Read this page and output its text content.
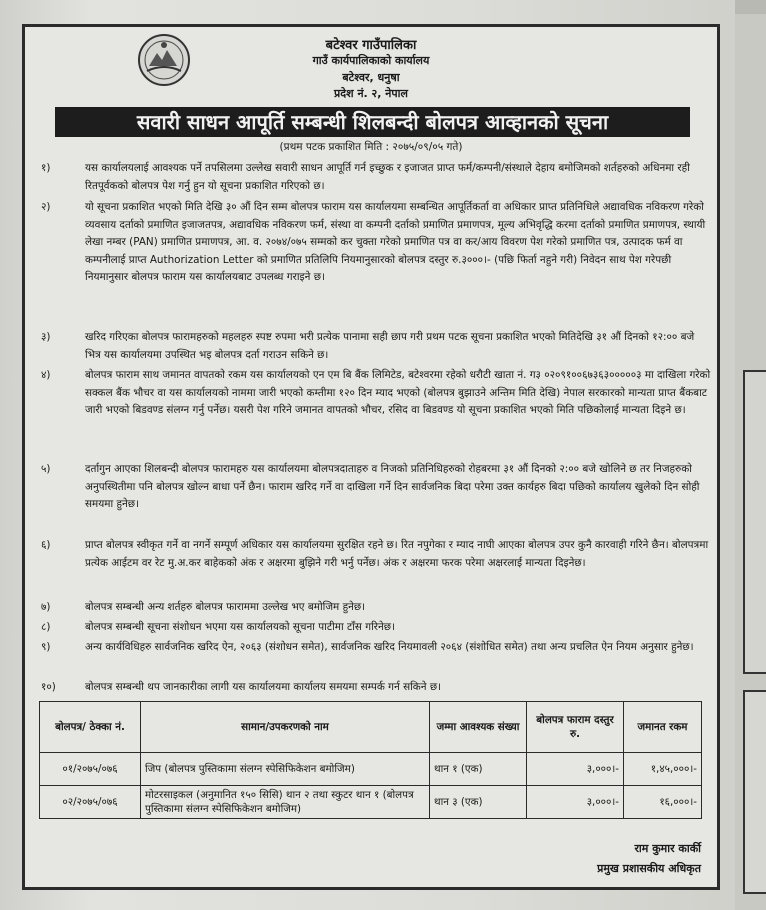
बटेश्वर गाउँपालिका
गाउँ कार्यपालिकाको कार्यालय
बटेश्वर, धनुषा
प्रदेश नं. २, नेपाल
सवारी साधन आपूर्ति सम्बन्धी शिलबन्दी बोलपत्र आव्हानको सूचना
(प्रथम पटक प्रकाशित मिति : २०७५/०९/०५ गते)
१)	यस कार्यालयलाई आवश्यक पर्ने तपसिलमा उल्लेख सवारी साधन आपूर्ति गर्न इच्छुक र इजाजत प्राप्त फर्म/कम्पनी/संस्थाले देहाय बमोजिमको शर्तहरुको अधिनमा रही रितपूर्वकको बोलपत्र पेश गर्नु हुन यो सूचना प्रकाशित गरिएको छ।
२)	यो सूचना प्रकाशित भएको मिति देखि ३० औं दिन सम्म बोलपत्र फाराम यस कार्यालयमा सम्बन्धित आपूर्तिकर्ता वा अधिकार प्राप्त प्रतिनिधिले अद्यावधिक नविकरण गरेको व्यवसाय दर्ताको प्रमाणित इजाजतपत्र, अद्यावधिक नविकरण फर्म, संस्था वा कम्पनी दर्ताको प्रमाणित प्रमाणपत्र, मूल्य अभिवृद्धि करमा दर्ताको प्रमाणित प्रमाणपत्र, स्थायी लेखा नम्बर (PAN) प्रमाणित प्रमाणपत्र, आ. व. २०७४/०७५ सम्मको कर चुक्ता गरेको प्रमाणित पत्र वा कर/आय विवरण पेश गरेको प्रमाणित पत्र, उत्पादक फर्म वा कम्पनीलाई प्राप्त Authorization Letter को प्रमाणित प्रतिलिपि नियमानुसारको बोलपत्र दस्तुर रु.३०००।- (पछि फिर्ता नहुने गरी) निवेदन साथ पेश गरेपछी नियमानुसार बोलपत्र फाराम यस कार्यालयबाट उपलब्ध गराइने छ।
३)	खरिद गरिएका बोलपत्र फारामहरुको महलहरु स्पष्ट रुपमा भरी प्रत्येक पानामा सही छाप गरी प्रथम पटक सूचना प्रकाशित भएको मितिदेखि ३१ औं दिनको १२:०० बजे भित्र यस कार्यालयमा उपस्थित भइ बोलपत्र दर्ता गराउन सकिने छ।
४)	बोलपत्र फाराम साथ जमानत वापतको रकम यस कार्यालयको एन एम बि बैंक लिमिटेड, बटेश्वरमा रहेको धरौटी खाता नं. ग३ ०२०९१००६७३६३०००००३ मा दाखिला गरेको सक्कल बैंक भौचर वा यस कार्यालयको नाममा जारी भएको कम्तीमा १२० दिन म्याद भएको (बोलपत्र बुझाउने अन्तिम मिति देखि) नेपाल सरकारको मान्यता प्राप्त बैंकबाट जारी भएको बिडवण्ड संलग्न गर्नु पर्नेछ। यसरी पेश गरिने जमानत वापतको भौचर, रसिद वा बिडवण्ड यो सूचना प्रकाशित भएको मिति पछिकोलाई मान्यता दिइने छ।
५)	दर्तागुन आएका शिलबन्दी बोलपत्र फारामहरु यस कार्यालयमा बोलपत्रदाताहरु व निजको प्रतिनिधिहरुको रोहबरमा ३१ औं दिनको २:०० बजे खोलिने छ तर निजहरुको अनुपस्थितीमा पनि बोलपत्र खोल्न बाधा पर्ने छैन। फाराम खरिद गर्ने वा दाखिला गर्ने दिन सार्वजनिक बिदा परेमा उक्त कार्यहरु बिदा पछिको कार्यालय खुलेको दिन सोही समयमा हुनेछ।
६)	प्राप्त बोलपत्र स्वीकृत गर्ने वा नगर्ने सम्पूर्ण अधिकार यस कार्यालयमा सुरक्षित रहने छ। रित नपुगेका र म्याद नाघी आएका बोलपत्र उपर कुनै कारवाही गरिने छैन। बोलपत्रमा प्रत्येक आईटम वर रेट मु.अ.कर बाहेकको अंक र अक्षरमा बुझिने गरी भर्नु पर्नेछ। अंक र अक्षरमा फरक परेमा अक्षरलाई मान्यता दिइनेछ।
७)	बोलपत्र सम्बन्धी अन्य शर्तहरु बोलपत्र फाराममा उल्लेख भए बमोजिम हुनेछ।
८)	बोलपत्र सम्बन्धी सूचना संशोधन भएमा यस कार्यालयको सूचना पाटीमा टाँस गरिनेछ।
९)	अन्य कार्यविधिहरु सार्वजनिक खरिद ऐन, २०६३ (संशोधन समेत), सार्वजनिक खरिद नियमावली २०६४ (संशोधित समेत) तथा अन्य प्रचलित ऐन नियम अनुसार हुनेछ।
१०)	बोलपत्र सम्बन्धी थप जानकारीका लागी यस कार्यालयमा कार्यालय समयमा सम्पर्क गर्न सकिने छ।
बोलपत्र/ ठेक्का नं.	सामान/उपकरणको नाम	जम्मा आवश्यक संख्या	बोलपत्र फाराम दस्तुर रु.	जमानत रकम
०१/२०७५/०७६	जिप (बोलपत्र पुस्तिकामा संलग्न स्पेसिफिकेशन बमोजिम)	थान १ (एक)	३,०००।-	१,४५,०००।-
०२/२०७५/०७६	मोटरसाइकल (अनुमानित १५० सिसि) थान २ तथा स्कुटर थान १ (बोलपत्र पुस्तिकामा संलग्न स्पेसिफिकेशन बमोजिम)	थान ३ (एक)	३,०००।-	१६,०००।-
राम कुमार कार्की
प्रमुख प्रशासकीय अधिकृत
